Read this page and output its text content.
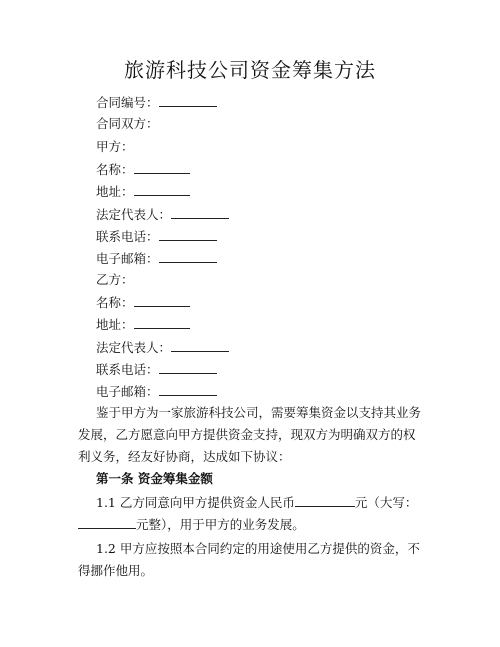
旅游科技公司资金筹集方法
合同编号：
合同双方：
甲方：
名称：
地址：
法定代表人：
联系电话：
电子邮箱：
乙方：
名称：
地址：
法定代表人：
联系电话：
电子邮箱：

鉴于甲方为一家旅游科技公司，需要筹集资金以支持其业务发展，乙方愿意向甲方提供资金支持，现双方为明确双方的权利义务，经友好协商，达成如下协议：

第一条 资金筹集金额
1.1 乙方同意向甲方提供资金人民币	元（大写：
元整），用于甲方的业务发展。

1.2 甲方应按照本合同约定的用途使用乙方提供的资金，不得挪作他用。
